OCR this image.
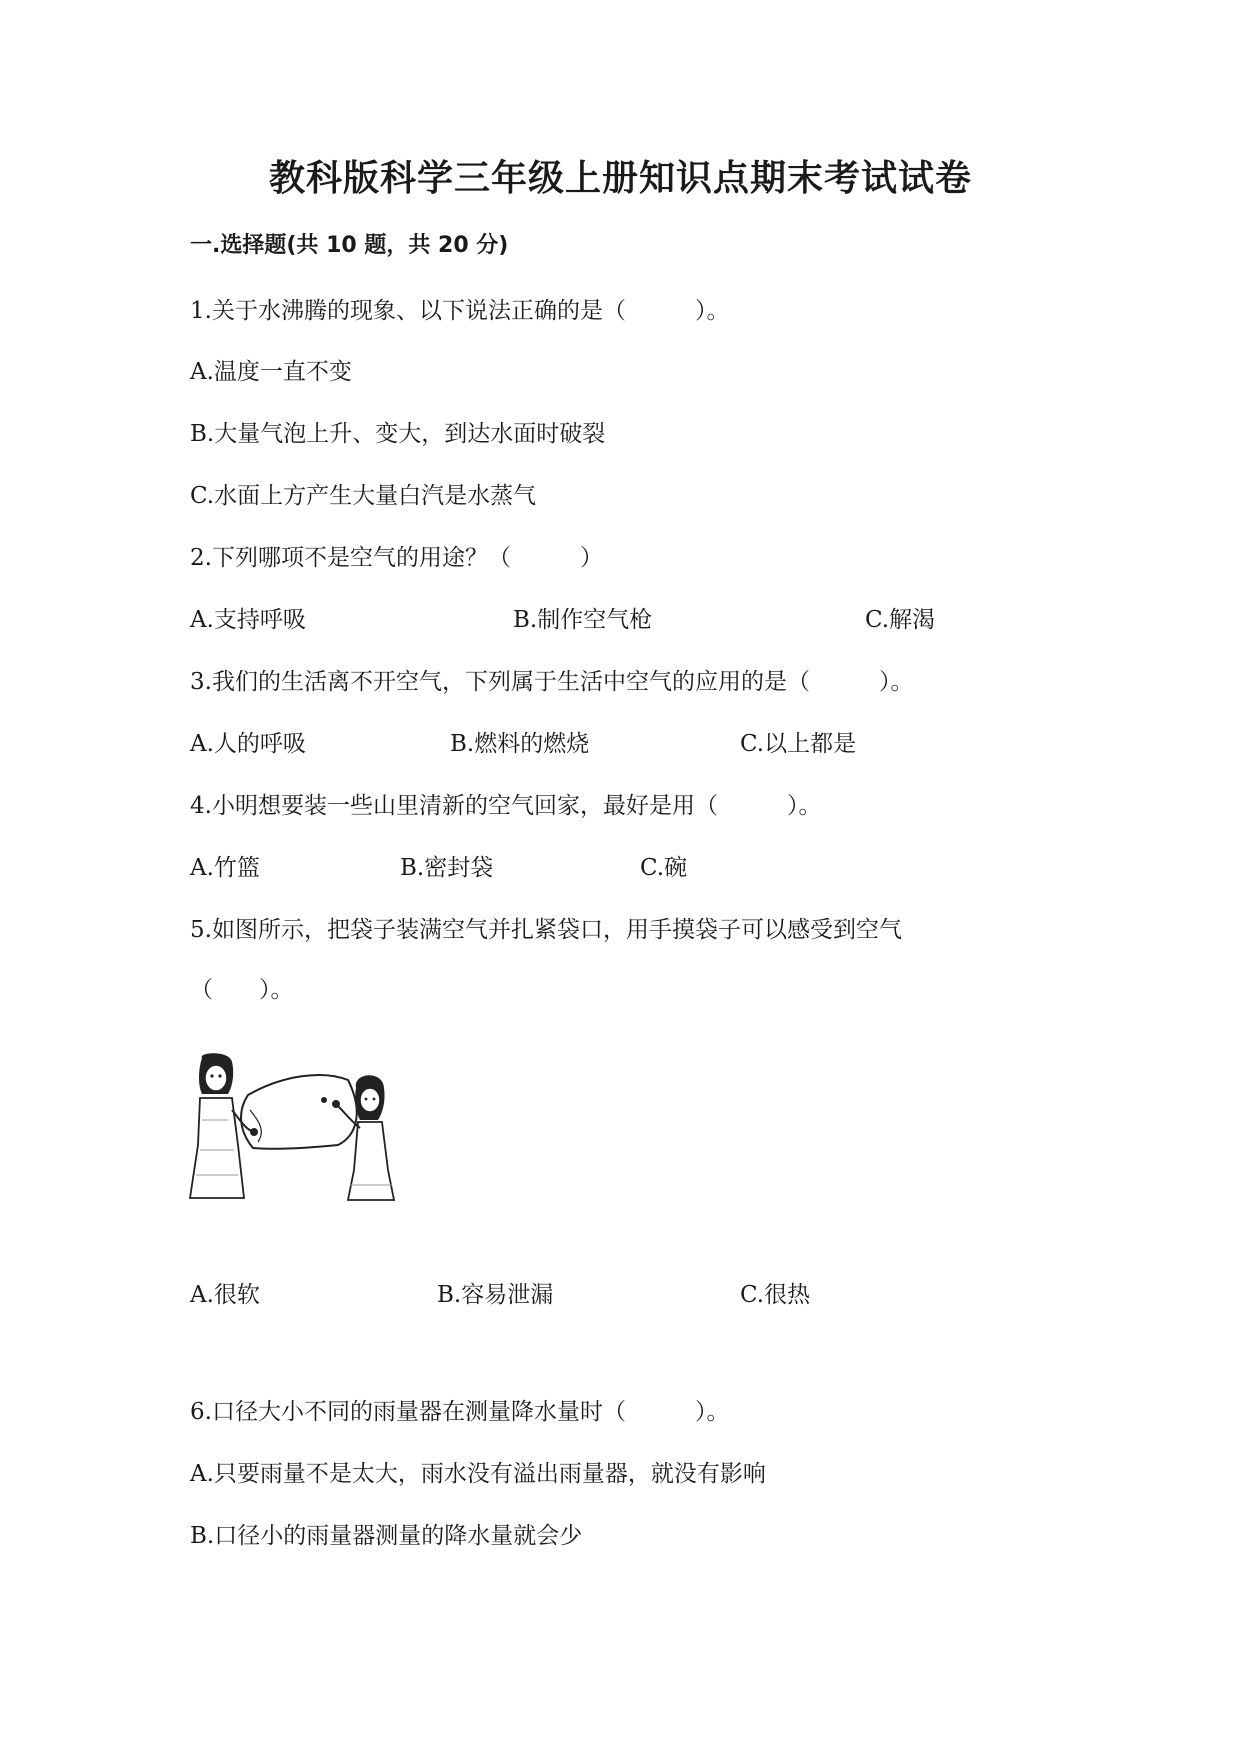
教科版科学三年级上册知识点期末考试试卷
一.选择题(共 10 题，共 20 分)
1.关于水沸腾的现象、以下说法正确的是（　　　）。
A.温度一直不变
B.大量气泡上升、变大，到达水面时破裂
C.水面上方产生大量白汽是水蒸气
2.下列哪项不是空气的用途？（　　　）
A.支持呼吸	B.制作空气枪	C.解渴
3.我们的生活离不开空气，下列属于生活中空气的应用的是（　　　）。
A.人的呼吸	B.燃料的燃烧	C.以上都是
4.小明想要装一些山里清新的空气回家，最好是用（　　　）。
A.竹篮	B.密封袋	C.碗
5.如图所示，把袋子装满空气并扎紧袋口，用手摸袋子可以感受到空气
（　　）。
A.很软	B.容易泄漏	C.很热
6.口径大小不同的雨量器在测量降水量时（　　　）。
A.只要雨量不是太大，雨水没有溢出雨量器，就没有影响
B.口径小的雨量器测量的降水量就会少
